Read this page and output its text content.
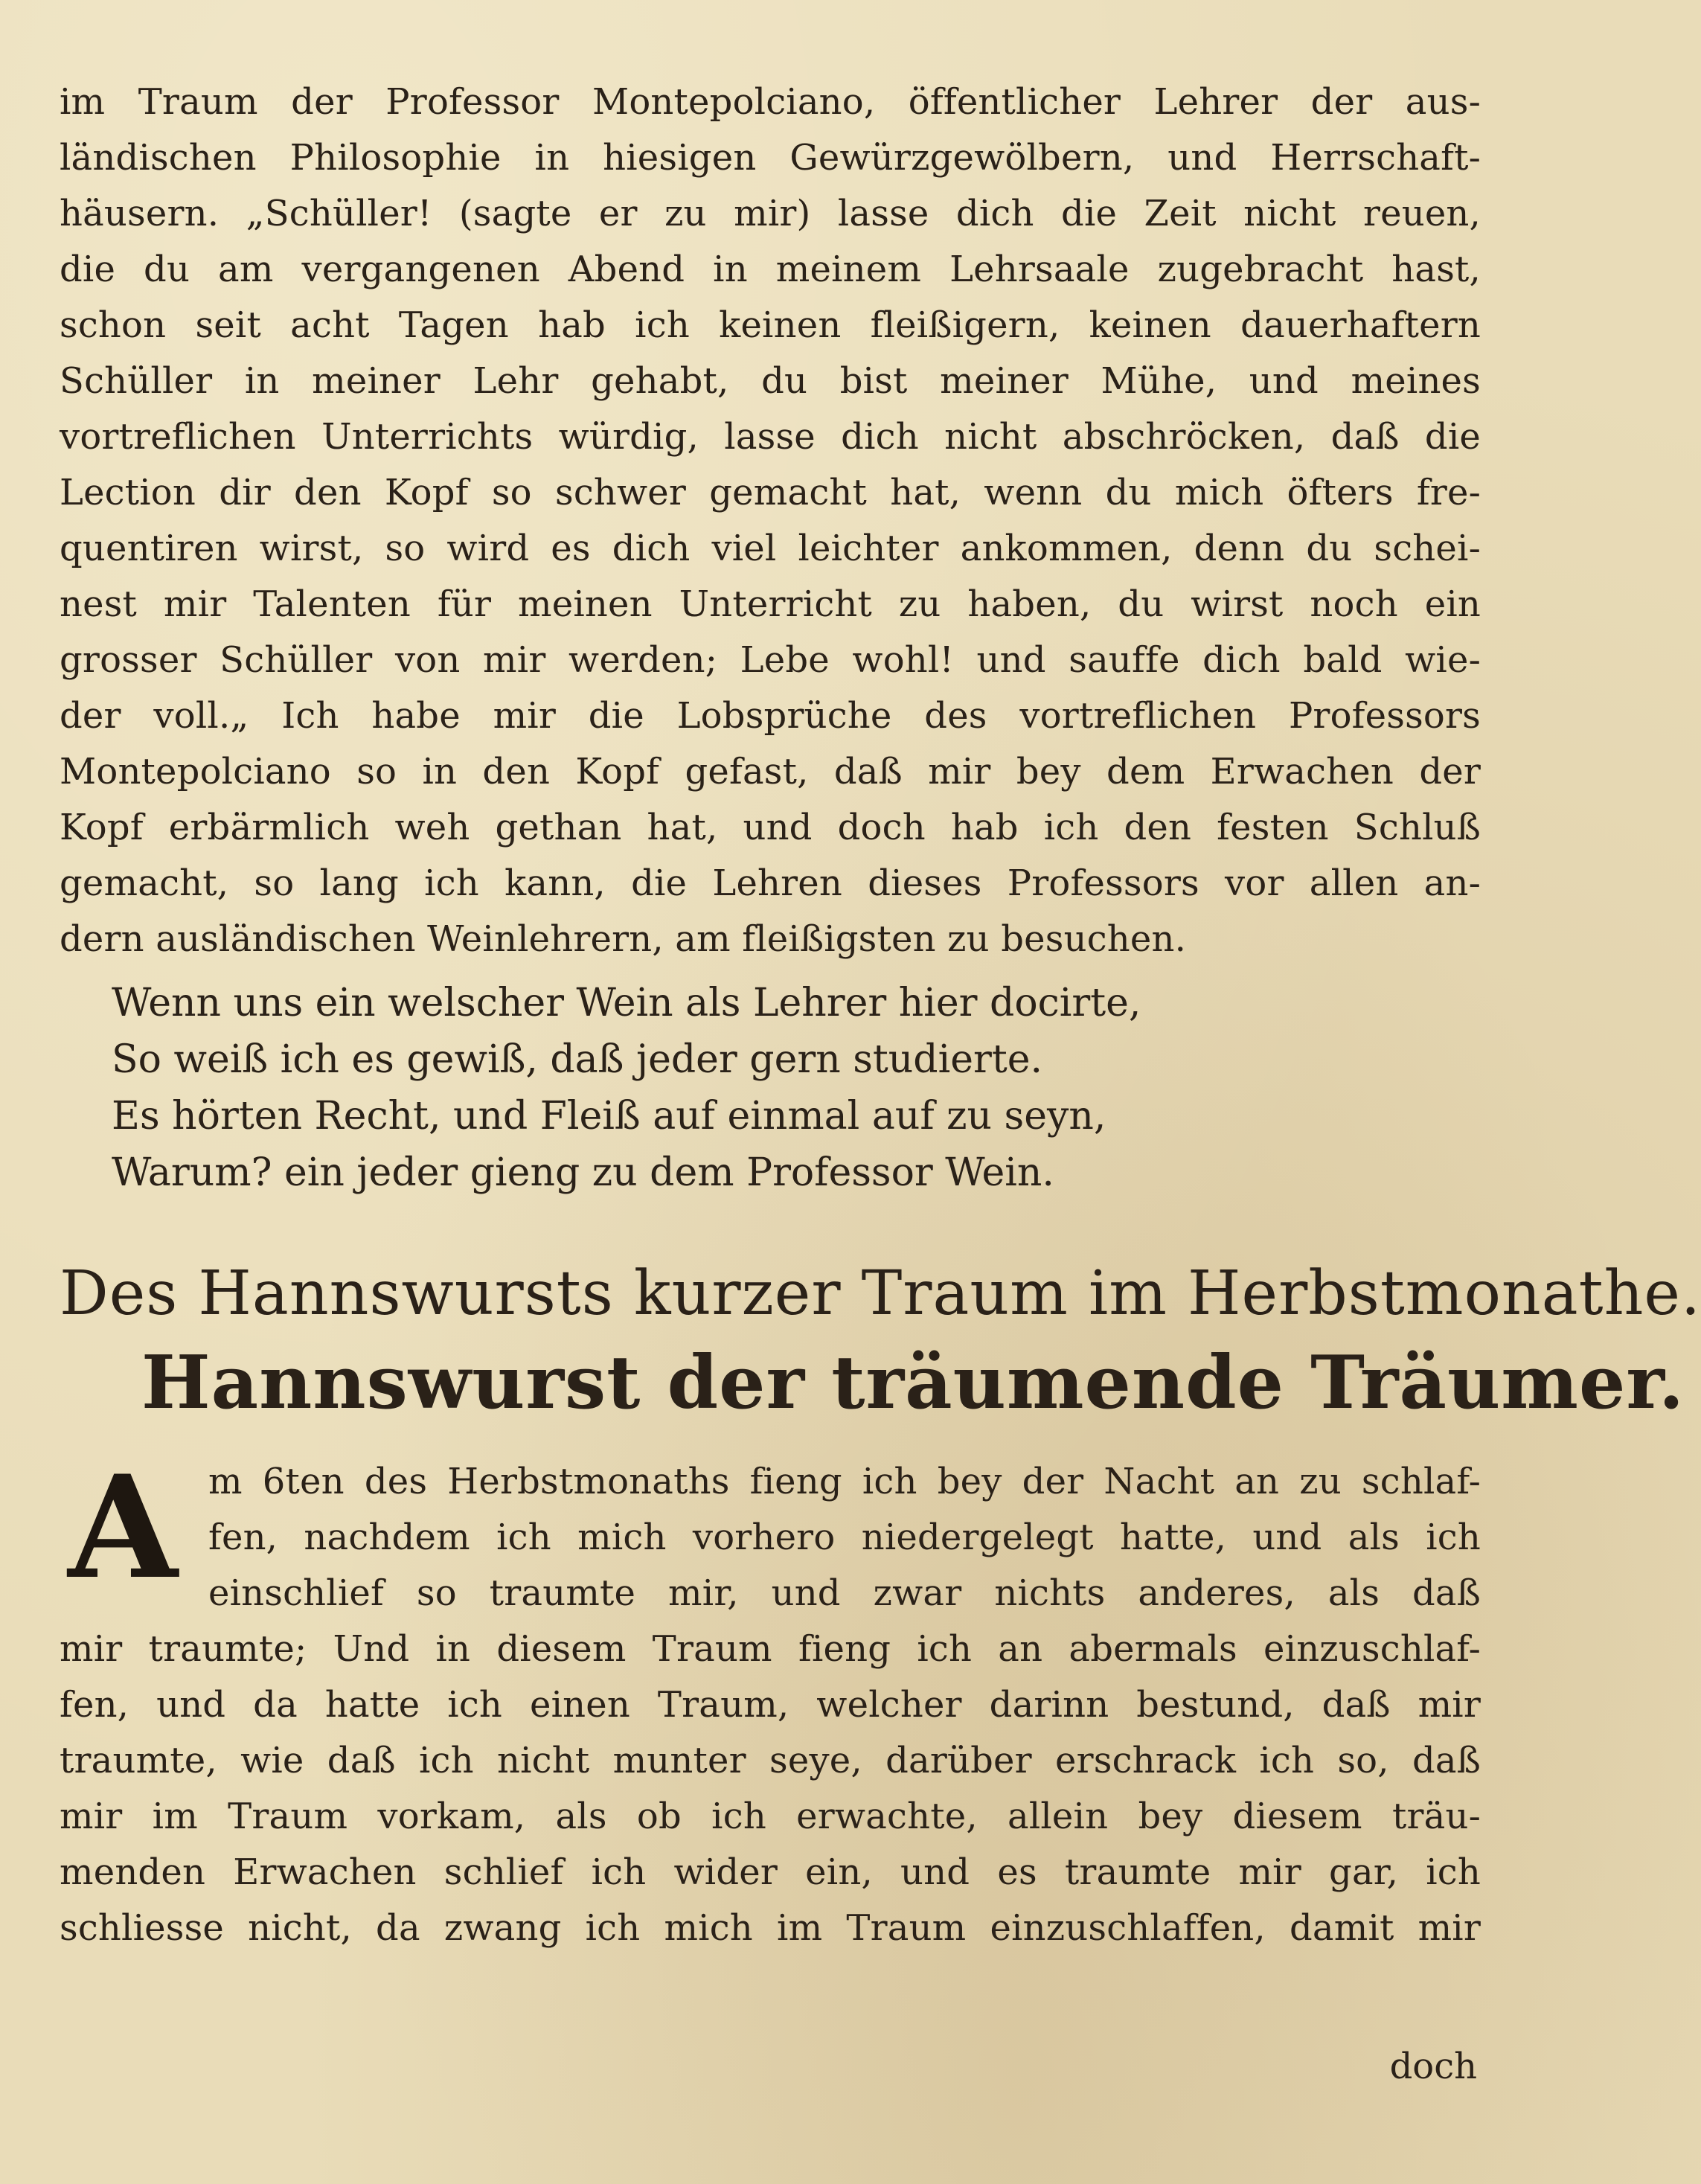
im Traum der Professor Montepolciano, öffentlicher Lehrer der aus-
ländischen Philosophie in hiesigen Gewürzgewölbern, und Herrschaft-
häusern. „Schüller! (sagte er zu mir) lasse dich die Zeit nicht reuen,
die du am vergangenen Abend in meinem Lehrsaale zugebracht hast,
schon seit acht Tagen hab ich keinen fleißigern, keinen dauerhaftern
Schüller in meiner Lehr gehabt, du bist meiner Mühe, und meines
vortreflichen Unterrichts würdig, lasse dich nicht abschröcken, daß die
Lection dir den Kopf so schwer gemacht hat, wenn du mich öfters fre-
quentiren wirst, so wird es dich viel leichter ankommen, denn du schei-
nest mir Talenten für meinen Unterricht zu haben, du wirst noch ein
grosser Schüller von mir werden; Lebe wohl! und sauffe dich bald wie-
der voll.„ Ich habe mir die Lobsprüche des vortreflichen Professors
Montepolciano so in den Kopf gefast, daß mir bey dem Erwachen der
Kopf erbärmlich weh gethan hat, und doch hab ich den festen Schluß
gemacht, so lang ich kann, die Lehren dieses Professors vor allen an-
dern ausländischen Weinlehrern, am fleißigsten zu besuchen.
Wenn uns ein welscher Wein als Lehrer hier docirte,
So weiß ich es gewiß, daß jeder gern studierte.
Es hörten Recht, und Fleiß auf einmal auf zu seyn,
Warum? ein jeder gieng zu dem Professor Wein.
Des Hannswursts kurzer Traum im Herbstmonathe.
Hannswurst der träumende Träumer.
A m 6ten des Herbstmonaths fieng ich bey der Nacht an zu schlaf-
fen, nachdem ich mich vorhero niedergelegt hatte, und als ich
einschlief so traumte mir, und zwar nichts anderes, als daß
mir traumte; Und in diesem Traum fieng ich an abermals einzuschlaf-
fen, und da hatte ich einen Traum, welcher darinn bestund, daß mir
traumte, wie daß ich nicht munter seye, darüber erschrack ich so, daß
mir im Traum vorkam, als ob ich erwachte, allein bey diesem träu-
menden Erwachen schlief ich wider ein, und es traumte mir gar, ich
schliesse nicht, da zwang ich mich im Traum einzuschlaffen, damit mir
doch
